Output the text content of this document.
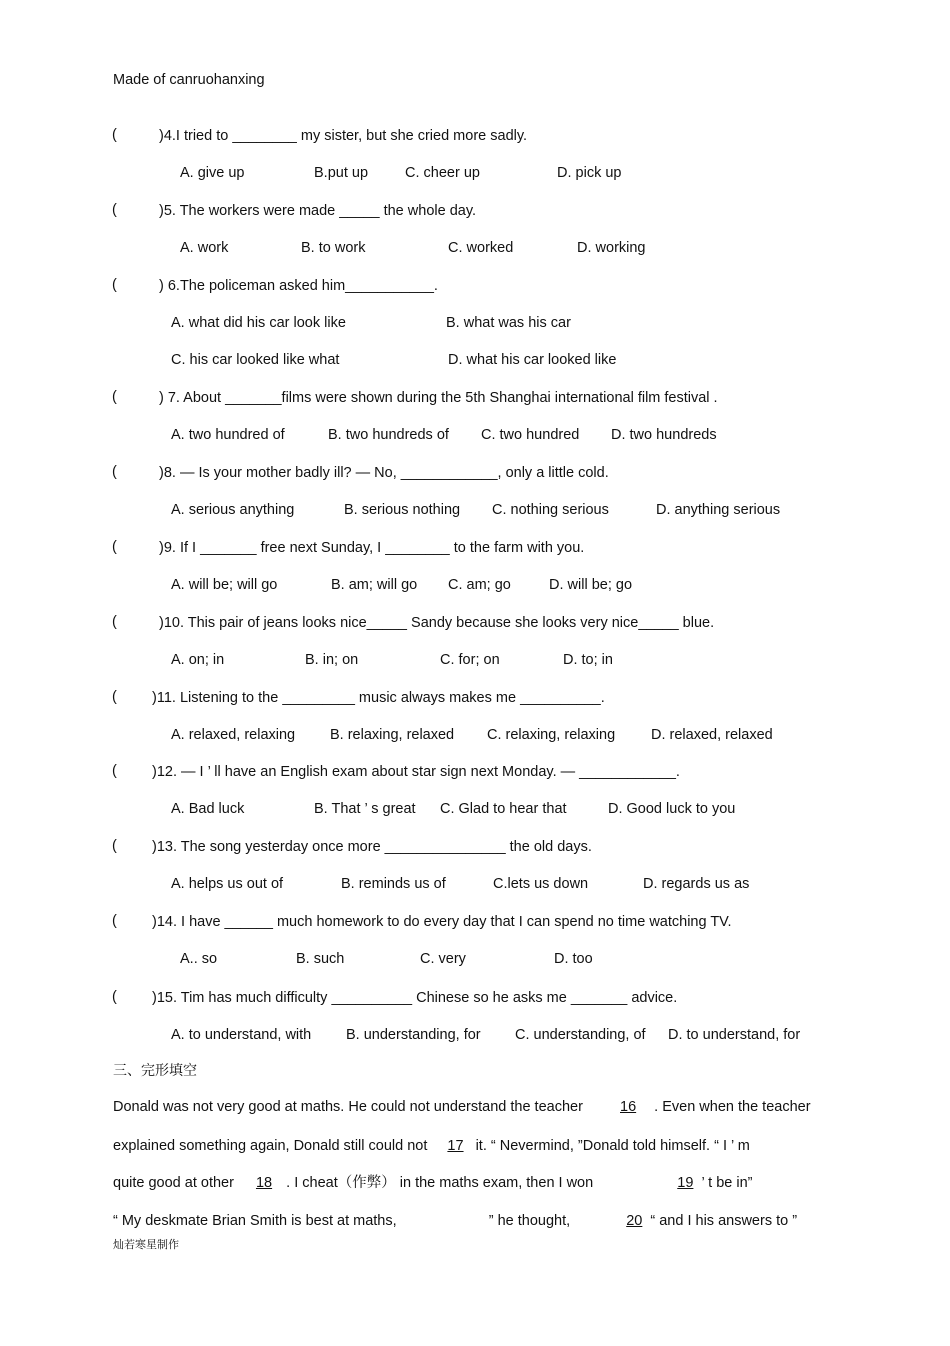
Made of canruohanxing
(	)4.I tried to ________ my sister, but she cried more sadly.
A. give up	B.put up	C. cheer up	D. pick up
(	)5. The workers were made _____ the whole day.
A. work	B. to work	C. worked	D. working
(	) 6.The policeman asked him___________.
A. what did his car look like	B. what was his car
C. his car looked like what	D. what his car looked like
(	) 7. About _______films were shown during the 5th Shanghai international film festival .
A. two hundred of	B. two hundreds of C. two hundred D. two hundreds
(	)8. — Is your mother badly ill? — No, ____________, only a little cold.
A. serious anything	B. serious nothing C. nothing serious	D. anything serious
(	)9. If I _______ free next Sunday, I ________ to the farm with you.
A. will be; will go	B. am; will go C. am; go	D. will be; go
(	)10. This pair of jeans looks nice_____ Sandy because she looks very nice_____ blue.
A. on; in	B. in; on	C. for; on	D. to; in
( )11. Listening to the _________ music always makes me __________.
A. relaxed, relaxing B. relaxing, relaxed C. relaxing, relaxing D. relaxed, relaxed
( )12. — I ’ ll have an English exam about star sign next Monday. — ____________.
A. Bad luck	B. That ’ s great C. Glad to hear that	D. Good luck to you
( )13. The song yesterday once more _______________ the old days.
A. helps us out of	B. reminds us of	C.lets us down	D. regards us as
( )14. I have ______ much homework to do every day that I can spend no time watching TV.
A.. so	B. such	C. very	D. too
( )15. Tim has much difficulty __________ Chinese so he asks me _______ advice.
A. to understand, with B. understanding, for C. understanding, of D. to understand, for
三、完形填空
Donald was not very good at maths. He could not understand the teacher	16 . Even when the teacher
explained something again, Donald still could not 17 it. “ Nevermind, ”Donald told himself. “ I ’ m
quite good at other 18 . I cheat（作弊） in the maths exam, then I won	19 ’ t be in”
“ My deskmate Brian Smith is best at maths,	” he thought,	20 “ and I his answers to ”
灿若寒星制作
